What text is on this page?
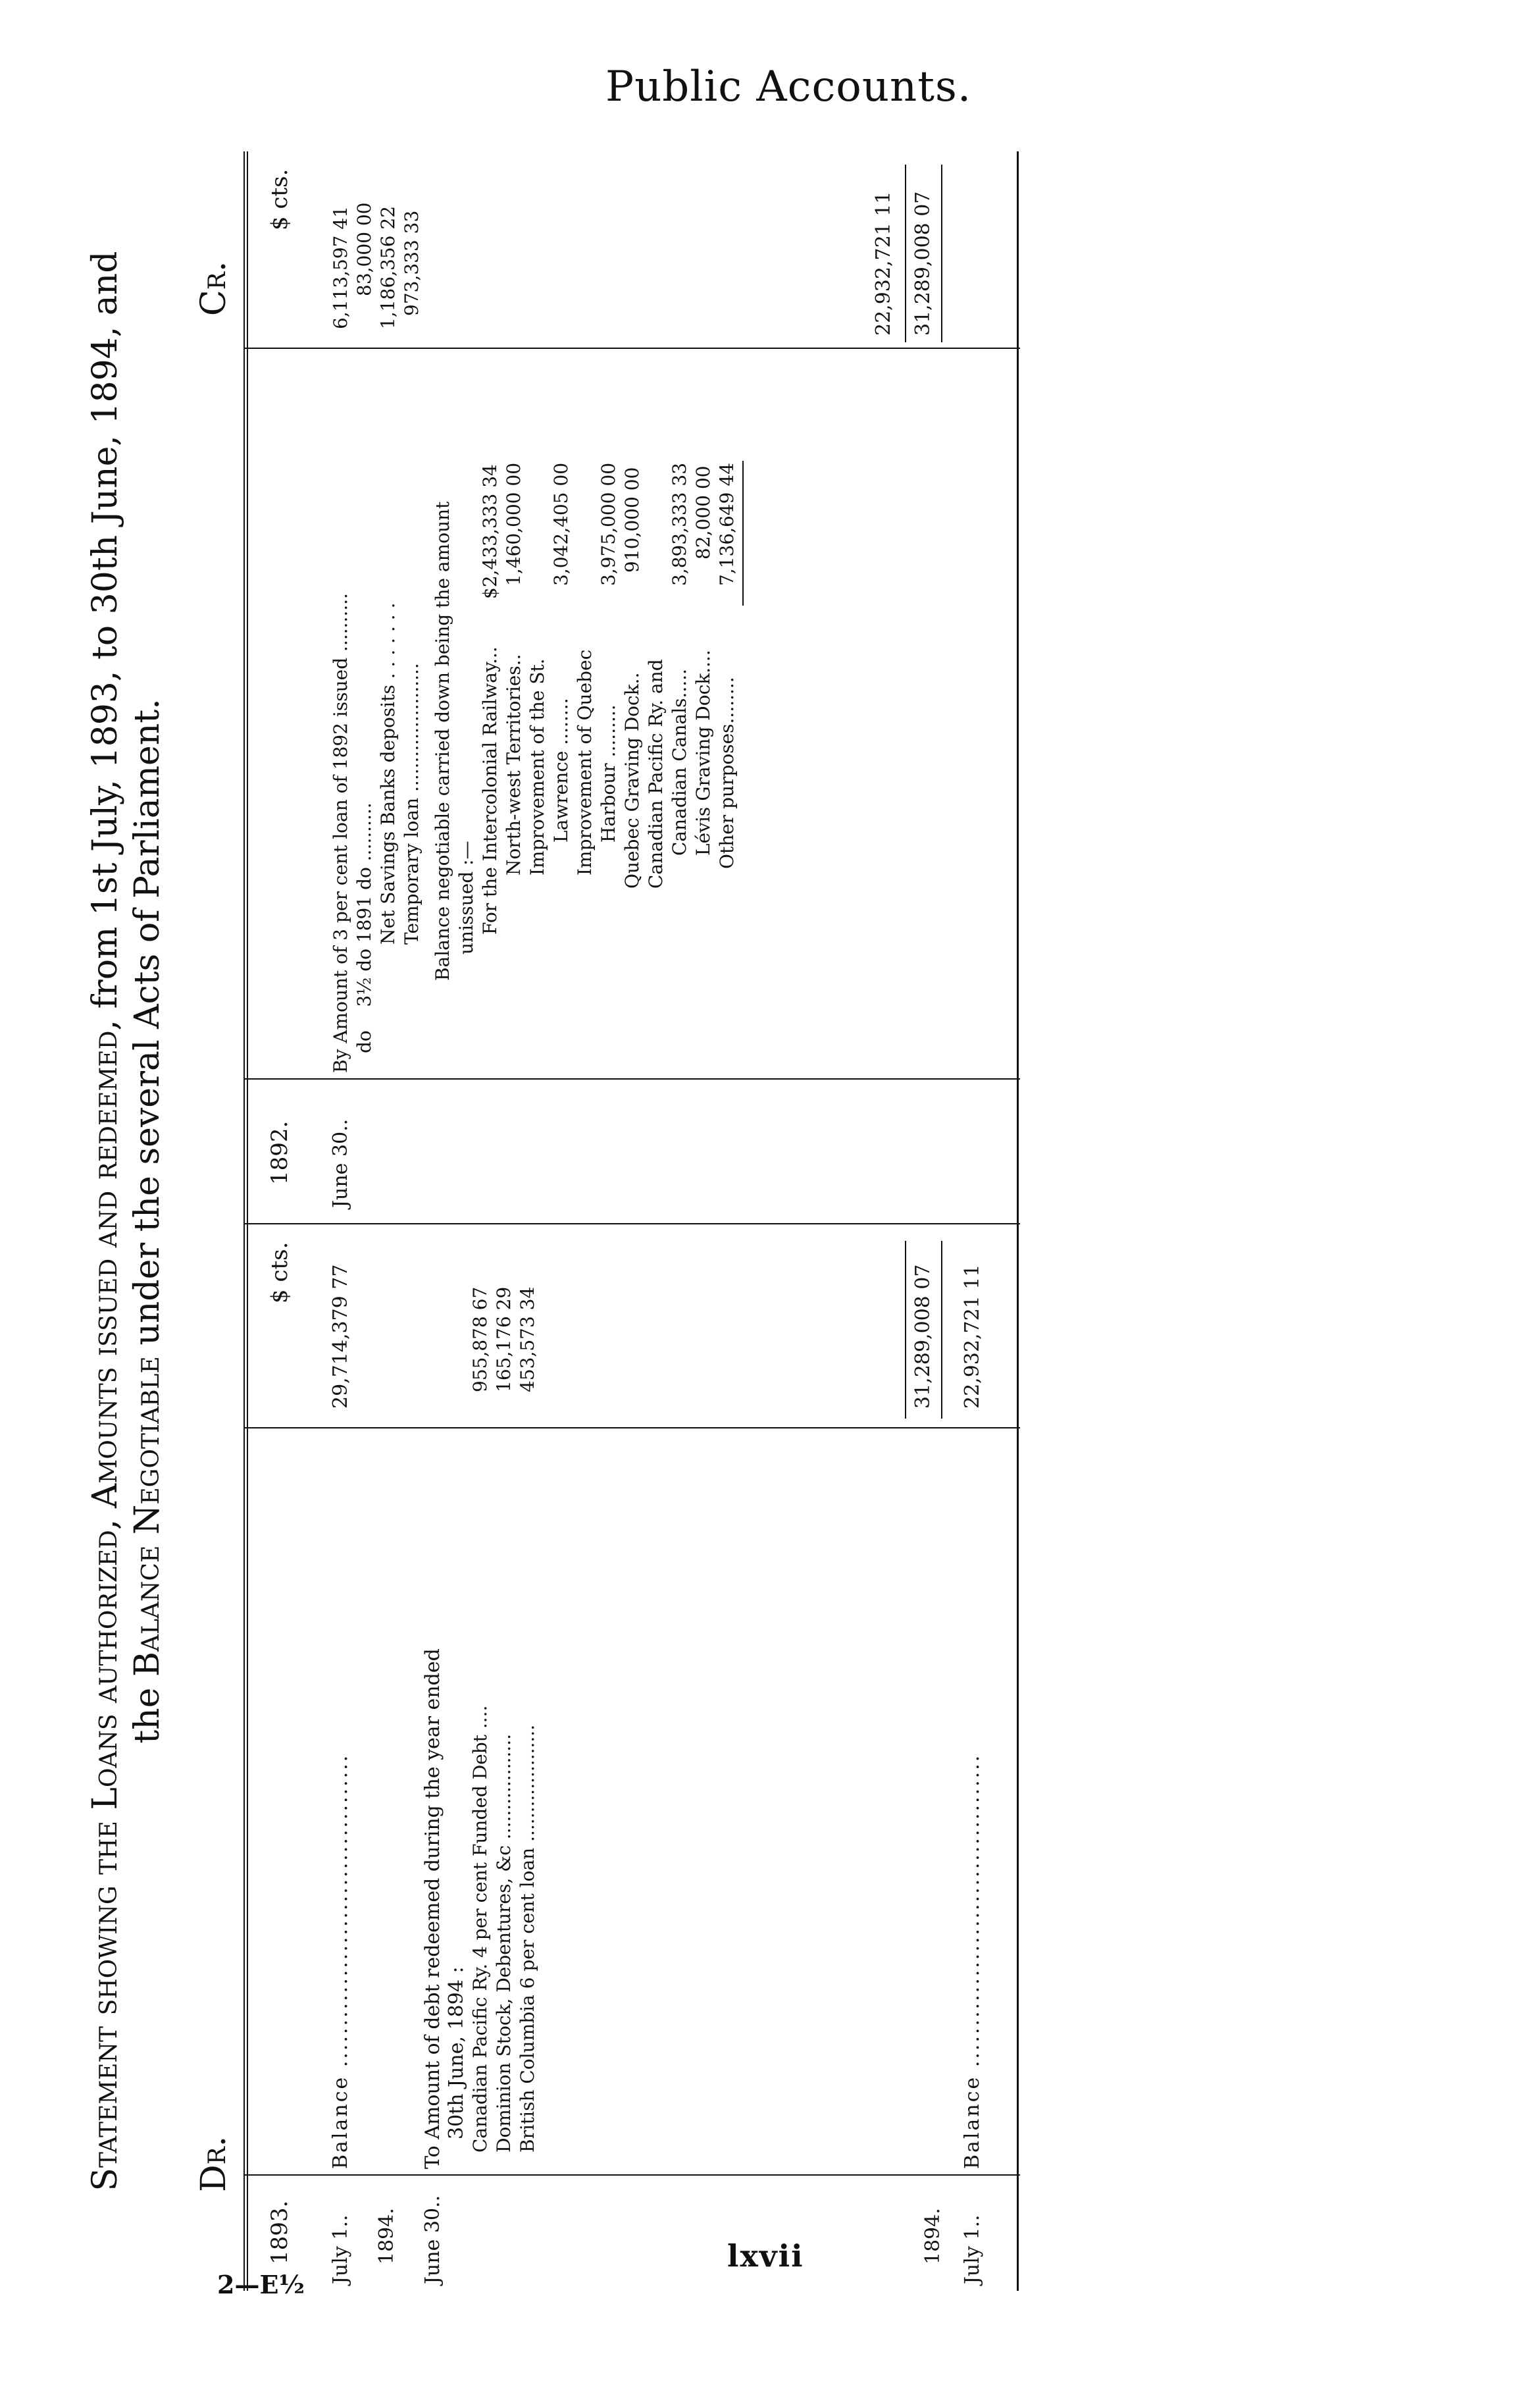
Public Accounts.
Statement showing the Loans authorized, Amounts issued and redeemed, from 1st July, 1893, to 30th June, 1894, and
the Balance Negotiable under the several Acts of Parliament.
Dr.
Cr.
$ cts.
$ cts.
1893.
1892.
July 1..
Balance ......................................
29,714,379 77
1894. June 30..
To Amount of debt redeemed during the year ended 30th June, 1894 : Canadian Pacific Ry. 4 per cent Funded Debt ....
955,878 67
Dominion Stock, Debentures, &c ..................
165,176 29
British Columbia 6 per cent loan ....................
453,573 34	31,289,008 07
1894. July 1..
Balance ......................................
22,932,721 11
June 30..
By Amount of 3 per cent loan of 1892 issued ..........
6,113,597 41
do    3½ do 1891 do ..........
83,000 00
Net Savings Banks deposits . . . . . . .
1,186,356 22
Temporary loan ......................
973,333 33
Balance negotiable carried down being the amount unissued :— For the Intercolonial Railway...
$2,433,333 34
North-west Territories..
1,460,000 00
Improvement of the St. Lawrence ........
3,042,405 00
Improvement of Quebec Harbour .........
3,975,000 00
Quebec Graving Dock..
910,000 00
Canadian Pacific Ry. and Canadian Canals.....
3,893,333 33
Lévis Graving Dock....
82,000 00
Other purposes........
7,136,649 44
22,932,721 11 31,289,008 07
lxvii
2—E½
